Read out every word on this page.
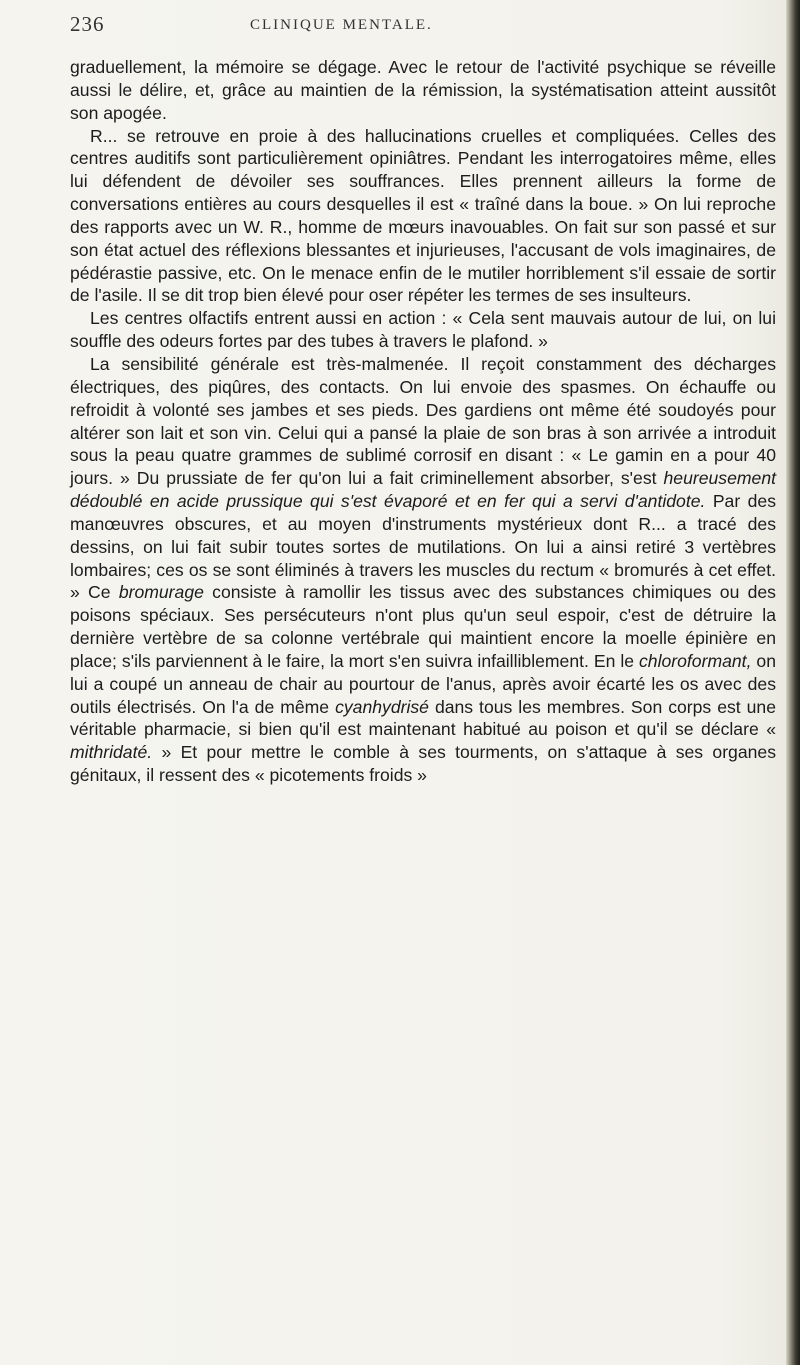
236	CLINIQUE MENTALE.

graduellement, la mémoire se dégage. Avec le retour de l'activité psychique se réveille aussi le délire, et, grâce au maintien de la rémission, la systématisation atteint aussitôt son apogée.

R... se retrouve en proie à des hallucinations cruelles et compliquées. Celles des centres auditifs sont particulièrement opiniâtres. Pendant les interrogatoires même, elles lui défendent de dévoiler ses souffrances. Elles prennent ailleurs la forme de conversations entières au cours desquelles il est « traîné dans la boue. » On lui reproche des rapports avec un W. R., homme de mœurs inavouables. On fait sur son passé et sur son état actuel des réflexions blessantes et injurieuses, l'accusant de vols imaginaires, de pédérastie passive, etc. On le menace enfin de le mutiler horriblement s'il essaie de sortir de l'asile. Il se dit trop bien élevé pour oser répéter les termes de ses insulteurs.

Les centres olfactifs entrent aussi en action : « Cela sent mauvais autour de lui, on lui souffle des odeurs fortes par des tubes à travers le plafond. »

La sensibilité générale est très-malmenée. Il reçoit constamment des décharges électriques, des piqûres, des contacts. On lui envoie des spasmes. On échauffe ou refroidit à volonté ses jambes et ses pieds. Des gardiens ont même été soudoyés pour altérer son lait et son vin. Celui qui a pansé la plaie de son bras à son arrivée a introduit sous la peau quatre grammes de sublimé corrosif en disant : « Le gamin en a pour 40 jours. » Du prussiate de fer qu'on lui a fait criminellement absorber, s'est heureusement dédoublé en acide prussique qui s'est évaporé et en fer qui a servi d'antidote. Par des manœuvres obscures, et au moyen d'instruments mystérieux dont R... a tracé des dessins, on lui fait subir toutes sortes de mutilations. On lui a ainsi retiré 3 vertèbres lombaires; ces os se sont éliminés à travers les muscles du rectum « bromurés à cet effet. » Ce bromurage consiste à ramollir les tissus avec des substances chimiques ou des poisons spéciaux. Ses persécuteurs n'ont plus qu'un seul espoir, c'est de détruire la dernière vertèbre de sa colonne vertébrale qui maintient encore la moelle épinière en place; s'ils parviennent à le faire, la mort s'en suivra infailliblement. En le chloroformant, on lui a coupé un anneau de chair au pourtour de l'anus, après avoir écarté les os avec des outils électrisés. On l'a de même cyanhydrisé dans tous les membres. Son corps est une véritable pharmacie, si bien qu'il est maintenant habitué au poison et qu'il se déclare « mithridaté. » Et pour mettre le comble à ses tourments, on s'attaque à ses organes génitaux, il ressent des « picotements froids »
